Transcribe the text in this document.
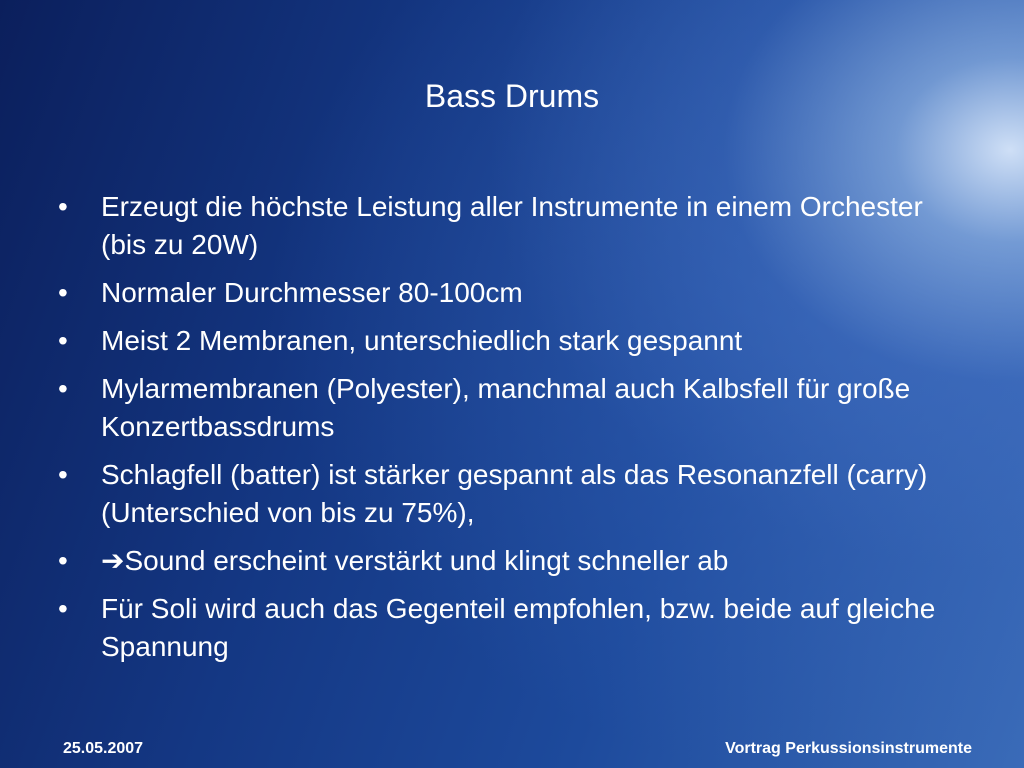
Bass Drums
• Erzeugt die höchste Leistung aller Instrumente in einem Orchester (bis zu 20W)
• Normaler Durchmesser 80-100cm
• Meist 2 Membranen, unterschiedlich stark gespannt
• Mylarmembranen (Polyester), manchmal auch Kalbsfell für große Konzertbassdrums
• Schlagfell (batter) ist stärker gespannt als das Resonanzfell (carry) (Unterschied von bis zu 75%),
• ➔Sound erscheint verstärkt und klingt schneller ab
• Für Soli wird auch das Gegenteil empfohlen, bzw. beide auf gleiche Spannung
25.05.2007	Vortrag Perkussionsinstrumente
